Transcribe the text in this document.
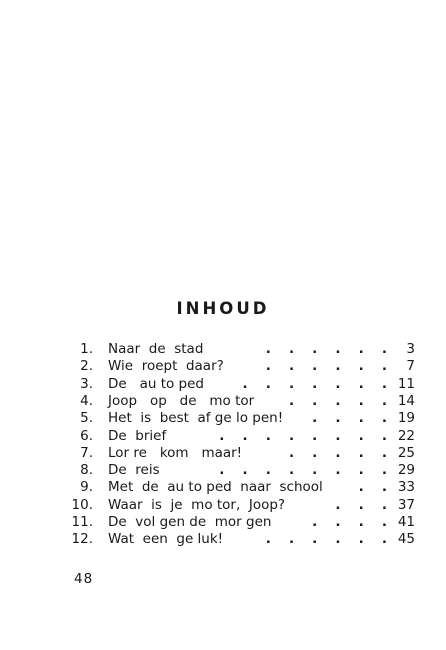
INHOUD
1. Naar  de  stad	.   .   .   .   .   .	3
2. Wie  roept  daar?	.   .   .   .   .   .	7
3. De   au to ped	.   .   .   .   .   .   . 11
4. Joop   op   de   mo tor	.   .   .   .   . 14
5. Het  is  best  af ge lo pen! .   .   .   . 19
6. De  brief	.   .   .   .   .   .   .   . 22
7. Lor re   kom   maar!	.   .   .   .   . 25
8. De  reis	.   .   .   .   .   .   .   . 29
9. Met  de  au to ped  naar  school	.   . 33
10. Waar  is  je  mo tor,  Joop?	.   .   . 37
11. De  vol gen de  mor gen	.   .   .   . 41
12. Wat  een  ge luk!	.   .   .   .   .   . 45
48
